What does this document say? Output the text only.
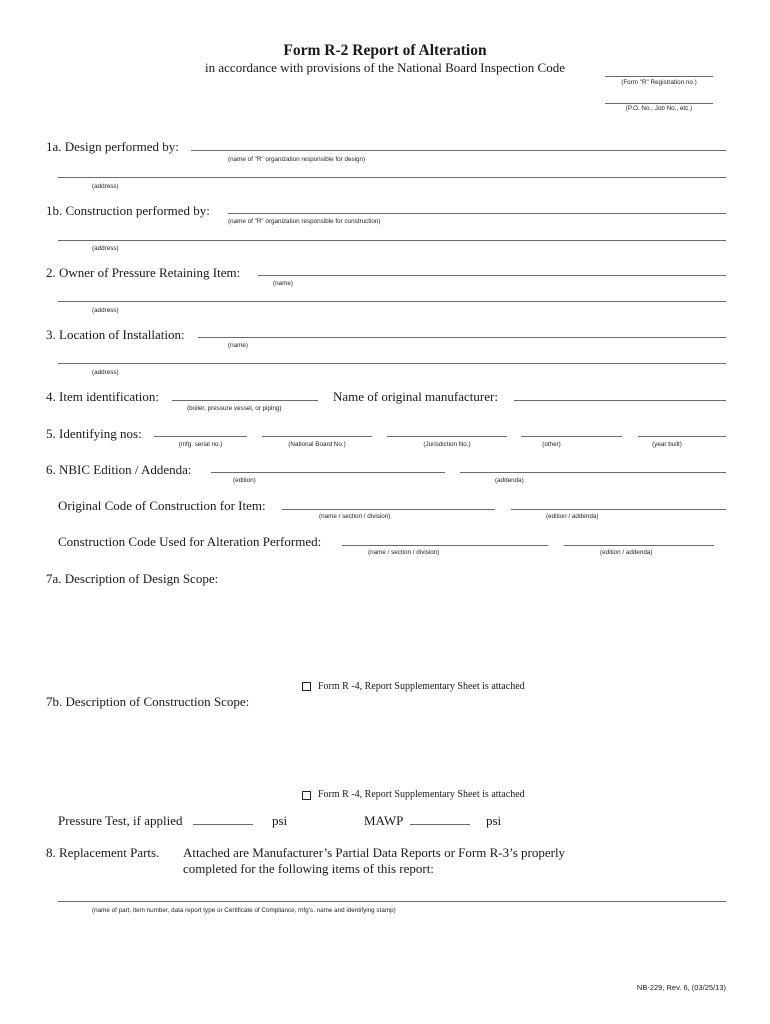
Form R-2 Report of Alteration
in accordance with provisions of the National Board Inspection Code
(Form "R" Registration no.)
(P.O. No., Job No., etc.)
1a. Design performed by:
(name of "R" organization responsible for design)
(address)
1b. Construction performed by:
(name of "R" organization responsible for construction)
(address)
2. Owner of Pressure Retaining Item:
(name)
(address)
3. Location of Installation:
(name)
(address)
4. Item identification:
(boiler, pressure vessel, or piping)
Name of original manufacturer:
5. Identifying nos:
(mfg. serial no.)	(National Board No.)	(Jurisdiction No.)	(other)	(year built)
6. NBIC Edition / Addenda:
(edition)	(addenda)
Original Code of Construction for Item:
(name / section / division)	(edition / addenda)
Construction Code Used for Alteration Performed:
(name / section / division)	(edition / addenda)
7a. Description of Design Scope:
Form R -4, Report Supplementary Sheet is attached
7b. Description of Construction Scope:
Form R -4, Report Supplementary Sheet is attached
Pressure Test, if applied	psi	MAWP	psi
8. Replacement Parts. Attached are Manufacturer’s Partial Data Reports or Form R-3’s properly
completed for the following items of this report:
(name of part, item number, data report type or Certificate of Compliance, mfg’s. name and identifying stamp)
NB-229, Rev. 6, (03/25/13)
